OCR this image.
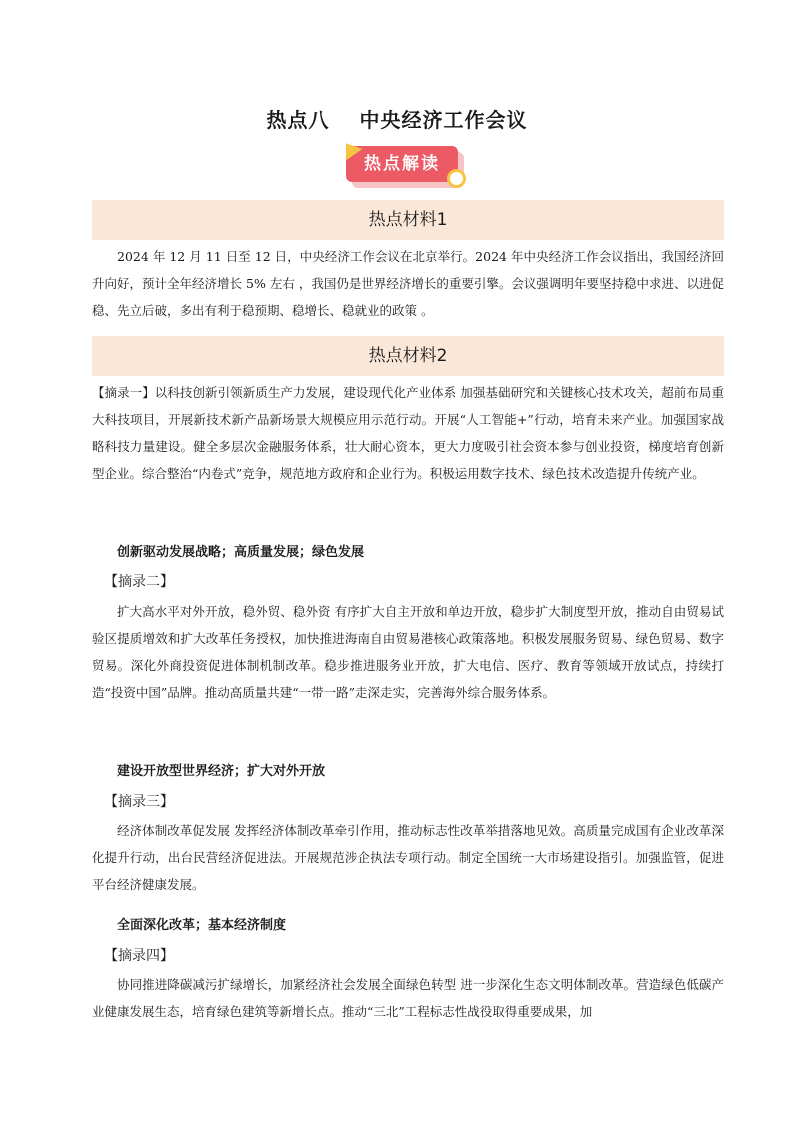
热点八 中央经济工作会议
热点解读
热点材料1

2024 年 12 月 11 日至 12 日，中央经济工作会议在北京举行。2024 年中央经济工作会议指出，我国经济回升向好，预计全年经济增长 5% 左右 ，我国仍是世界经济增长的重要引擎。会议强调明年要坚持稳中求进、以进促稳、先立后破，多出有利于稳预期、稳增长、稳就业的政策 。

热点材料2

【摘录一】以科技创新引领新质生产力发展，建设现代化产业体系 加强基础研究和关键核心技术攻关，超前布局重大科技项目，开展新技术新产品新场景大规模应用示范行动。开展“人工智能+”行动，培育未来产业。加强国家战略科技力量建设。健全多层次金融服务体系，壮大耐心资本，更大力度吸引社会资本参与创业投资，梯度培育创新型企业。综合整治“内卷式”竞争，规范地方政府和企业行为。积极运用数字技术、绿色技术改造提升传统产业。

创新驱动发展战略；高质量发展；绿色发展
【摘录二】

扩大高水平对外开放，稳外贸、稳外资 有序扩大自主开放和单边开放，稳步扩大制度型开放，推动自由贸易试验区提质增效和扩大改革任务授权，加快推进海南自由贸易港核心政策落地。积极发展服务贸易、绿色贸易、数字贸易。深化外商投资促进体制机制改革。稳步推进服务业开放，扩大电信、医疗、教育等领域开放试点，持续打造“投资中国”品牌。推动高质量共建“一带一路”走深走实，完善海外综合服务体系。

建设开放型世界经济；扩大对外开放
【摘录三】

经济体制改革促发展 发挥经济体制改革牵引作用，推动标志性改革举措落地见效。高质量完成国有企业改革深化提升行动，出台民营经济促进法。开展规范涉企执法专项行动。制定全国统一大市场建设指引。加强监管，促进平台经济健康发展。

全面深化改革；基本经济制度
【摘录四】

协同推进降碳减污扩绿增长，加紧经济社会发展全面绿色转型 进一步深化生态文明体制改革。营造绿色低碳产业健康发展生态，培育绿色建筑等新增长点。推动“三北”工程标志性战役取得重要成果，加
